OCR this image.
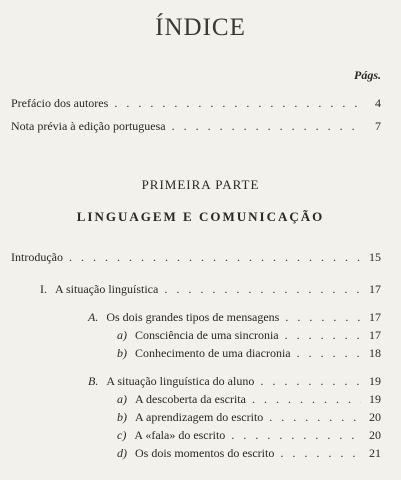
ÍNDICE
Págs.
Prefácio dos autores . . .	4
Nota prévia à edição portuguesa . . .	7
PRIMEIRA PARTE
LINGUAGEM E COMUNICAÇÃO
Introdução . . .	15
I. A situação linguística . . .	17
A. Os dois grandes tipos de mensagens . . .	17
a) Consciência de uma sincronia . . .	17
b) Conhecimento de uma diacronia . . .	18
B. A situação linguística do aluno . . .	19
a) A descoberta da escrita . . .	19
b) A aprendizagem do escrito . . .	20
c) A «fala» do escrito . . .	20
d) Os dois momentos do escrito . . .	21
